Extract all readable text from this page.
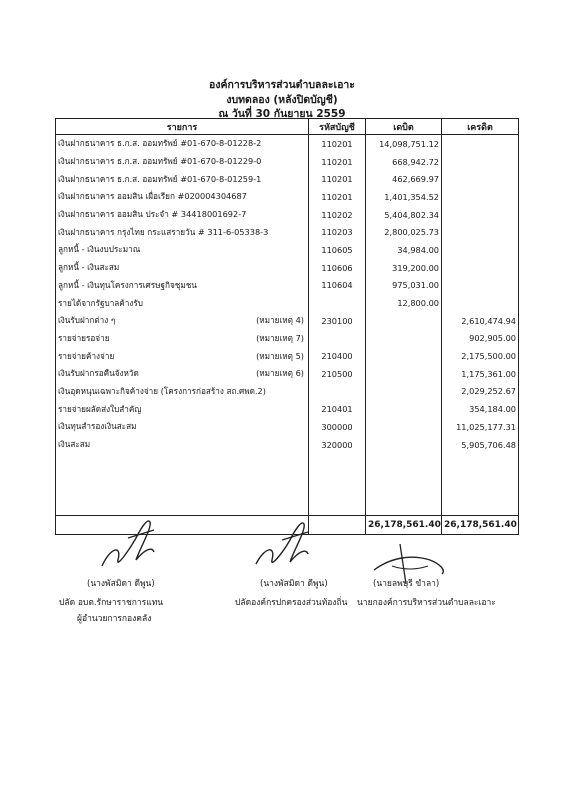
องค์การบริหารส่วนตำบลละเอาะ
งบทดลอง (หลังปิดบัญชี)
ณ วันที่ 30 กันยายน 2559
รายการ	รหัสบัญชี	เดบิต	เครดิต
เงินฝากธนาคาร ธ.ก.ส. ออมทรัพย์ #01-670-8-01228-2	110201	14,098,751.12	
เงินฝากธนาคาร ธ.ก.ส. ออมทรัพย์ #01-670-8-01229-0	110201	668,942.72	
เงินฝากธนาคาร ธ.ก.ส. ออมทรัพย์ #01-670-8-01259-1	110201	462,669.97	
เงินฝากธนาคาร ออมสิน เผื่อเรียก #020004304687	110201	1,401,354.52	
เงินฝากธนาคาร ออมสิน ประจำ # 34418001692-7	110202	5,404,802.34	
เงินฝากธนาคาร กรุงไทย กระแสรายวัน # 311-6-05338-3	110203	2,800,025.73	
ลูกหนี้ - เงินงบประมาณ	110605	34,984.00	
ลูกหนี้ - เงินสะสม	110606	319,200.00	
ลูกหนี้ - เงินทุนโครงการเศรษฐกิจชุมชน	110604	975,031.00	
รายได้จากรัฐบาลค้างรับ		12,800.00	

(หมายเหตุ 4)
เงินรับฝากต่าง ๆ	230100		2,610,474.94

(หมายเหตุ 7)
รายจ่ายรอจ่าย			902,905.00

(หมายเหตุ 5)
รายจ่ายค้างจ่าย	210400		2,175,500.00

(หมายเหตุ 6)
เงินรับฝากรอคืนจังหวัด	210500		1,175,361.00
เงินอุดหนุนเฉพาะกิจค้างจ่าย (โครงการก่อสร้าง สถ.ศพด.2)			2,029,252.67
รายจ่ายผลัดส่งใบสำคัญ	210401		354,184.00
เงินทุนสำรองเงินสะสม	300000		11,025,177.31
เงินสะสม	320000		5,905,706.48

		26,178,561.40	26,178,561.40
(นางพัสมิดา ดีพูน)
ปลัด อบต.รักษาราชการแทน
ผู้อำนวยการกองคลัง
(นางพัสมิดา ดีพูน)
ปลัดองค์กรปกครองส่วนท้องถิ่น
(นายลพบุรี ขำลา)
นายกองค์การบริหารส่วนตำบลละเอาะ
